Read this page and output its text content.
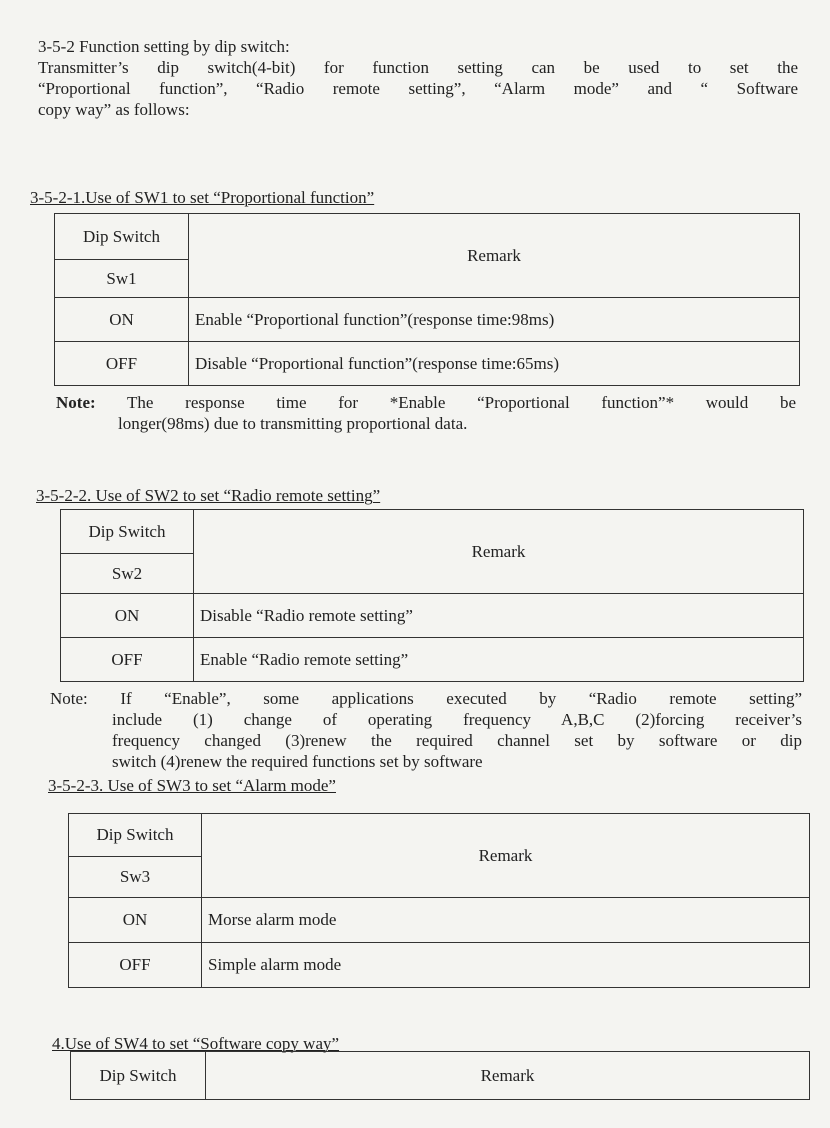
3-5-2 Function setting by dip switch:
Transmitter’s dip switch(4-bit) for function setting can be used to set the
“Proportional function”, “Radio remote setting”, “Alarm mode” and “ Software
copy way” as follows:
3-5-2-1.Use of SW1 to set “Proportional function”
Dip Switch	Remark
Sw1	
ON	Enable “Proportional function”(response time:98ms)
OFF	Disable “Proportional function”(response time:65ms)
Note: The response time for *Enable “Proportional function”* would be
longer(98ms) due to transmitting proportional data.
3-5-2-2. Use of SW2 to set “Radio remote setting”
Dip Switch	Remark
Sw2	
ON	Disable “Radio remote setting”
OFF	Enable “Radio remote setting”
Note: If “Enable”, some applications executed by “Radio remote setting”
include (1) change of operating frequency A,B,C (2)forcing receiver’s
frequency changed (3)renew the required channel set by software or dip
switch (4)renew the required functions set by software
3-5-2-3. Use of SW3 to set “Alarm mode”
Dip Switch	Remark
Sw3	
ON	Morse alarm mode
OFF	Simple alarm mode
4.Use of SW4 to set “Software copy way”
Dip Switch	Remark
